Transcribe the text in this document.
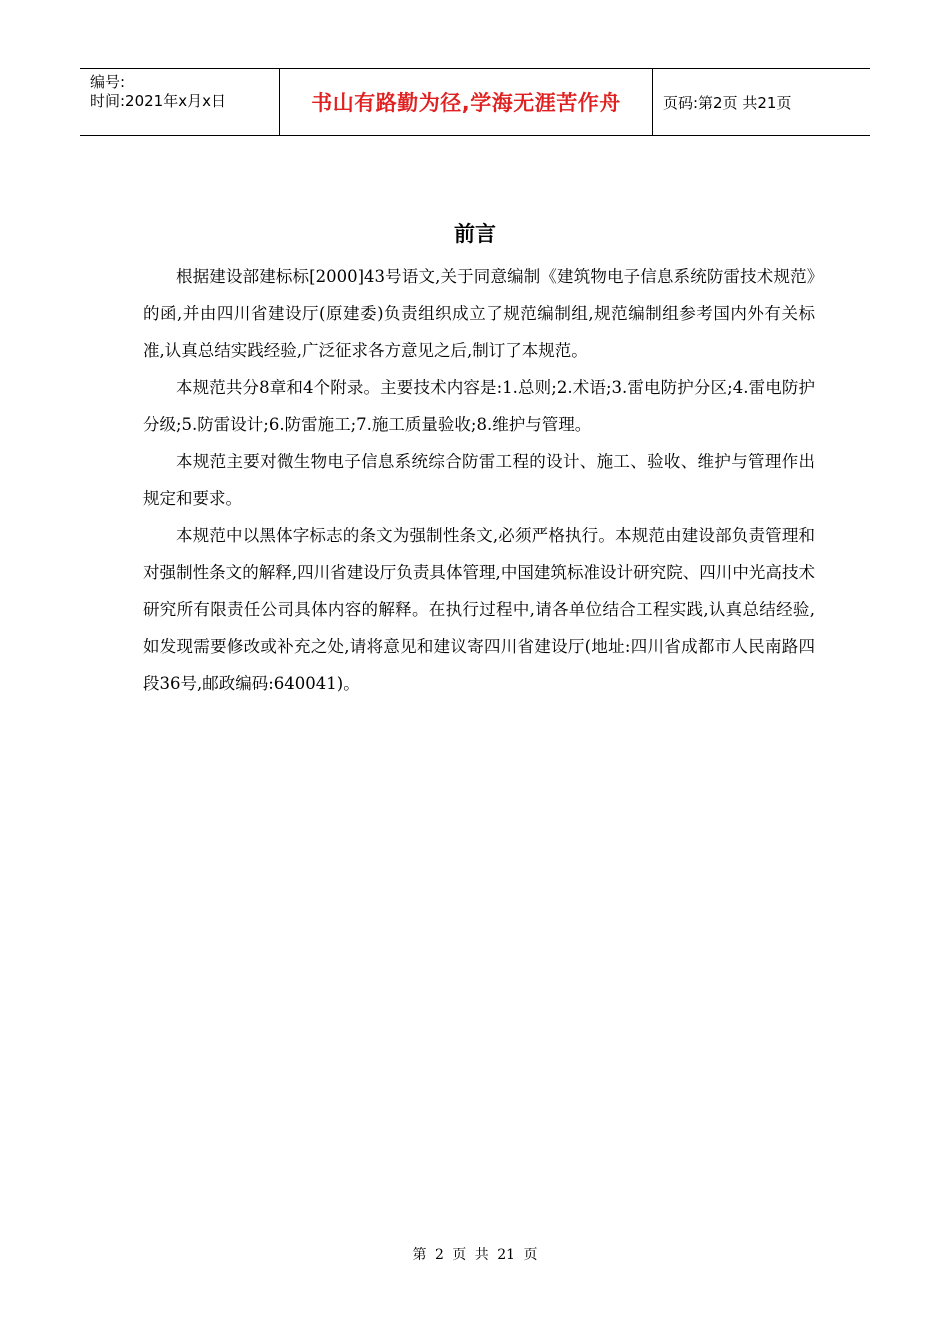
编号:
时间:2021年x月x日	书山有路勤为径,学海无涯苦作舟	页码:第2页 共21页
前言

根据建设部建标标[2000]43号语文,关于同意编制《建筑物电子信息系统防雷技术规范》的函,并由四川省建设厅(原建委)负责组织成立了规范编制组,规范编制组参考国内外有关标准,认真总结实践经验,广泛征求各方意见之后,制订了本规范。

本规范共分8章和4个附录。主要技术内容是:1.总则;2.术语;3.雷电防护分区;4.雷电防护分级;5.防雷设计;6.防雷施工;7.施工质量验收;8.维护与管理。

本规范主要对微生物电子信息系统综合防雷工程的设计、施工、验收、维护与管理作出规定和要求。

本规范中以黑体字标志的条文为强制性条文,必须严格执行。本规范由建设部负责管理和对强制性条文的解释,四川省建设厅负责具体管理,中国建筑标准设计研究院、四川中光高技术研究所有限责任公司具体内容的解释。在执行过程中,请各单位结合工程实践,认真总结经验,如发现需要修改或补充之处,请将意见和建议寄四川省建设厅(地址:四川省成都市人民南路四段36号,邮政编码:640041)。

第 2 页 共 21 页
